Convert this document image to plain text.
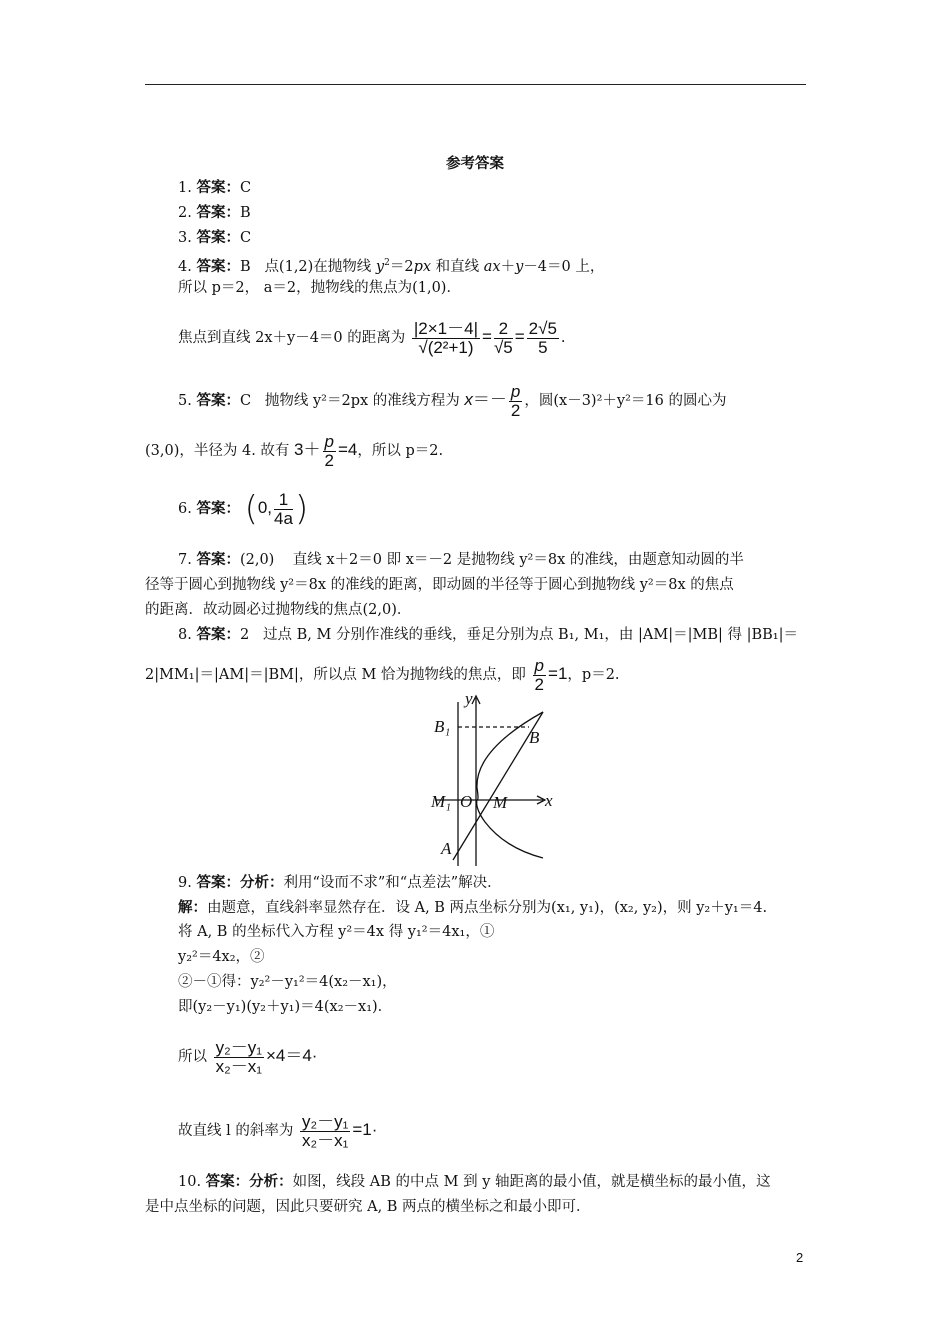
参考答案
1. 答案：C
2. 答案：B
3. 答案：C
4. 答案：B 点(1,2)在抛物线 $y^2=2px$ 和直线 ax＋y－4＝0 上，
所以 p＝2， a＝2，抛物线的焦点为(1,0)．
焦点到直线 2x＋y－4＝0 的距离为 $\frac{|2\times 1-4|}{\text{√(2²+1)}} = \frac{2}{√5} = \frac{2√5}{5}$ .
5. 答案：C   抛物线 y²＝2px 的准线方程为 $x=- \frac{p}{2}$ ，圆(x－3)²＋y²＝16 的圆心为
(3,0)，半径为 4. 故有 $3+ \frac{p}{2} =4$，所以 p＝2.
6. 答案： (0, $\frac{1}{4a}$ )
7. 答案：(2,0) 直线 x＋2＝0 即 x＝－2 是抛物线 y²＝8x 的准线，由题意知动圆的半
径等于圆心到抛物线 y²＝8x 的准线的距离，即动圆的半径等于圆心到抛物线 y²＝8x 的焦点
的距离．故动圆必过抛物线的焦点(2,0)．
8. 答案：2 过点 B, M 分别作准线的垂线，垂足分别为点 B₁, M₁，由 |AM|＝|MB| 得 |BB₁|＝
2|MM₁|＝|AM|＝|BM|，所以点 M 恰为抛物线的焦点，即 $\frac{p}{2} =1$，p＝2.
y
x
B₁
B
M₁ O M
A
9. 答案：分析：利用“设而不求”和“点差法”解决．
解：由题意，直线斜率显然存在．设 A, B 两点坐标分别为(x₁, y₁)，(x₂, y₂)，则 y₂＋y₁＝4.
将 A, B 的坐标代入方程 y²＝4x 得 y₁²＝4x₁，①
y₂²＝4x₂，②
②－①得：y₂²－y₁²＝4(x₂－x₁)，
即(y₂－y₁)(y₂＋y₁)＝4(x₂－x₁)．
所以 $\frac{\text{y₂－y₁}}{\text{x₂－x₁}} \times 4=4\cdot$
故直线 l 的斜率为 $\frac{\text{y₂－y₁}}{\text{x₂－x₁}} =1\cdot$
10. 答案：分析：如图，线段 AB 的中点 M 到 y 轴距离的最小值，就是横坐标的最小值，这
是中点坐标的问题，因此只要研究 A, B 两点的横坐标之和最小即可．
2
